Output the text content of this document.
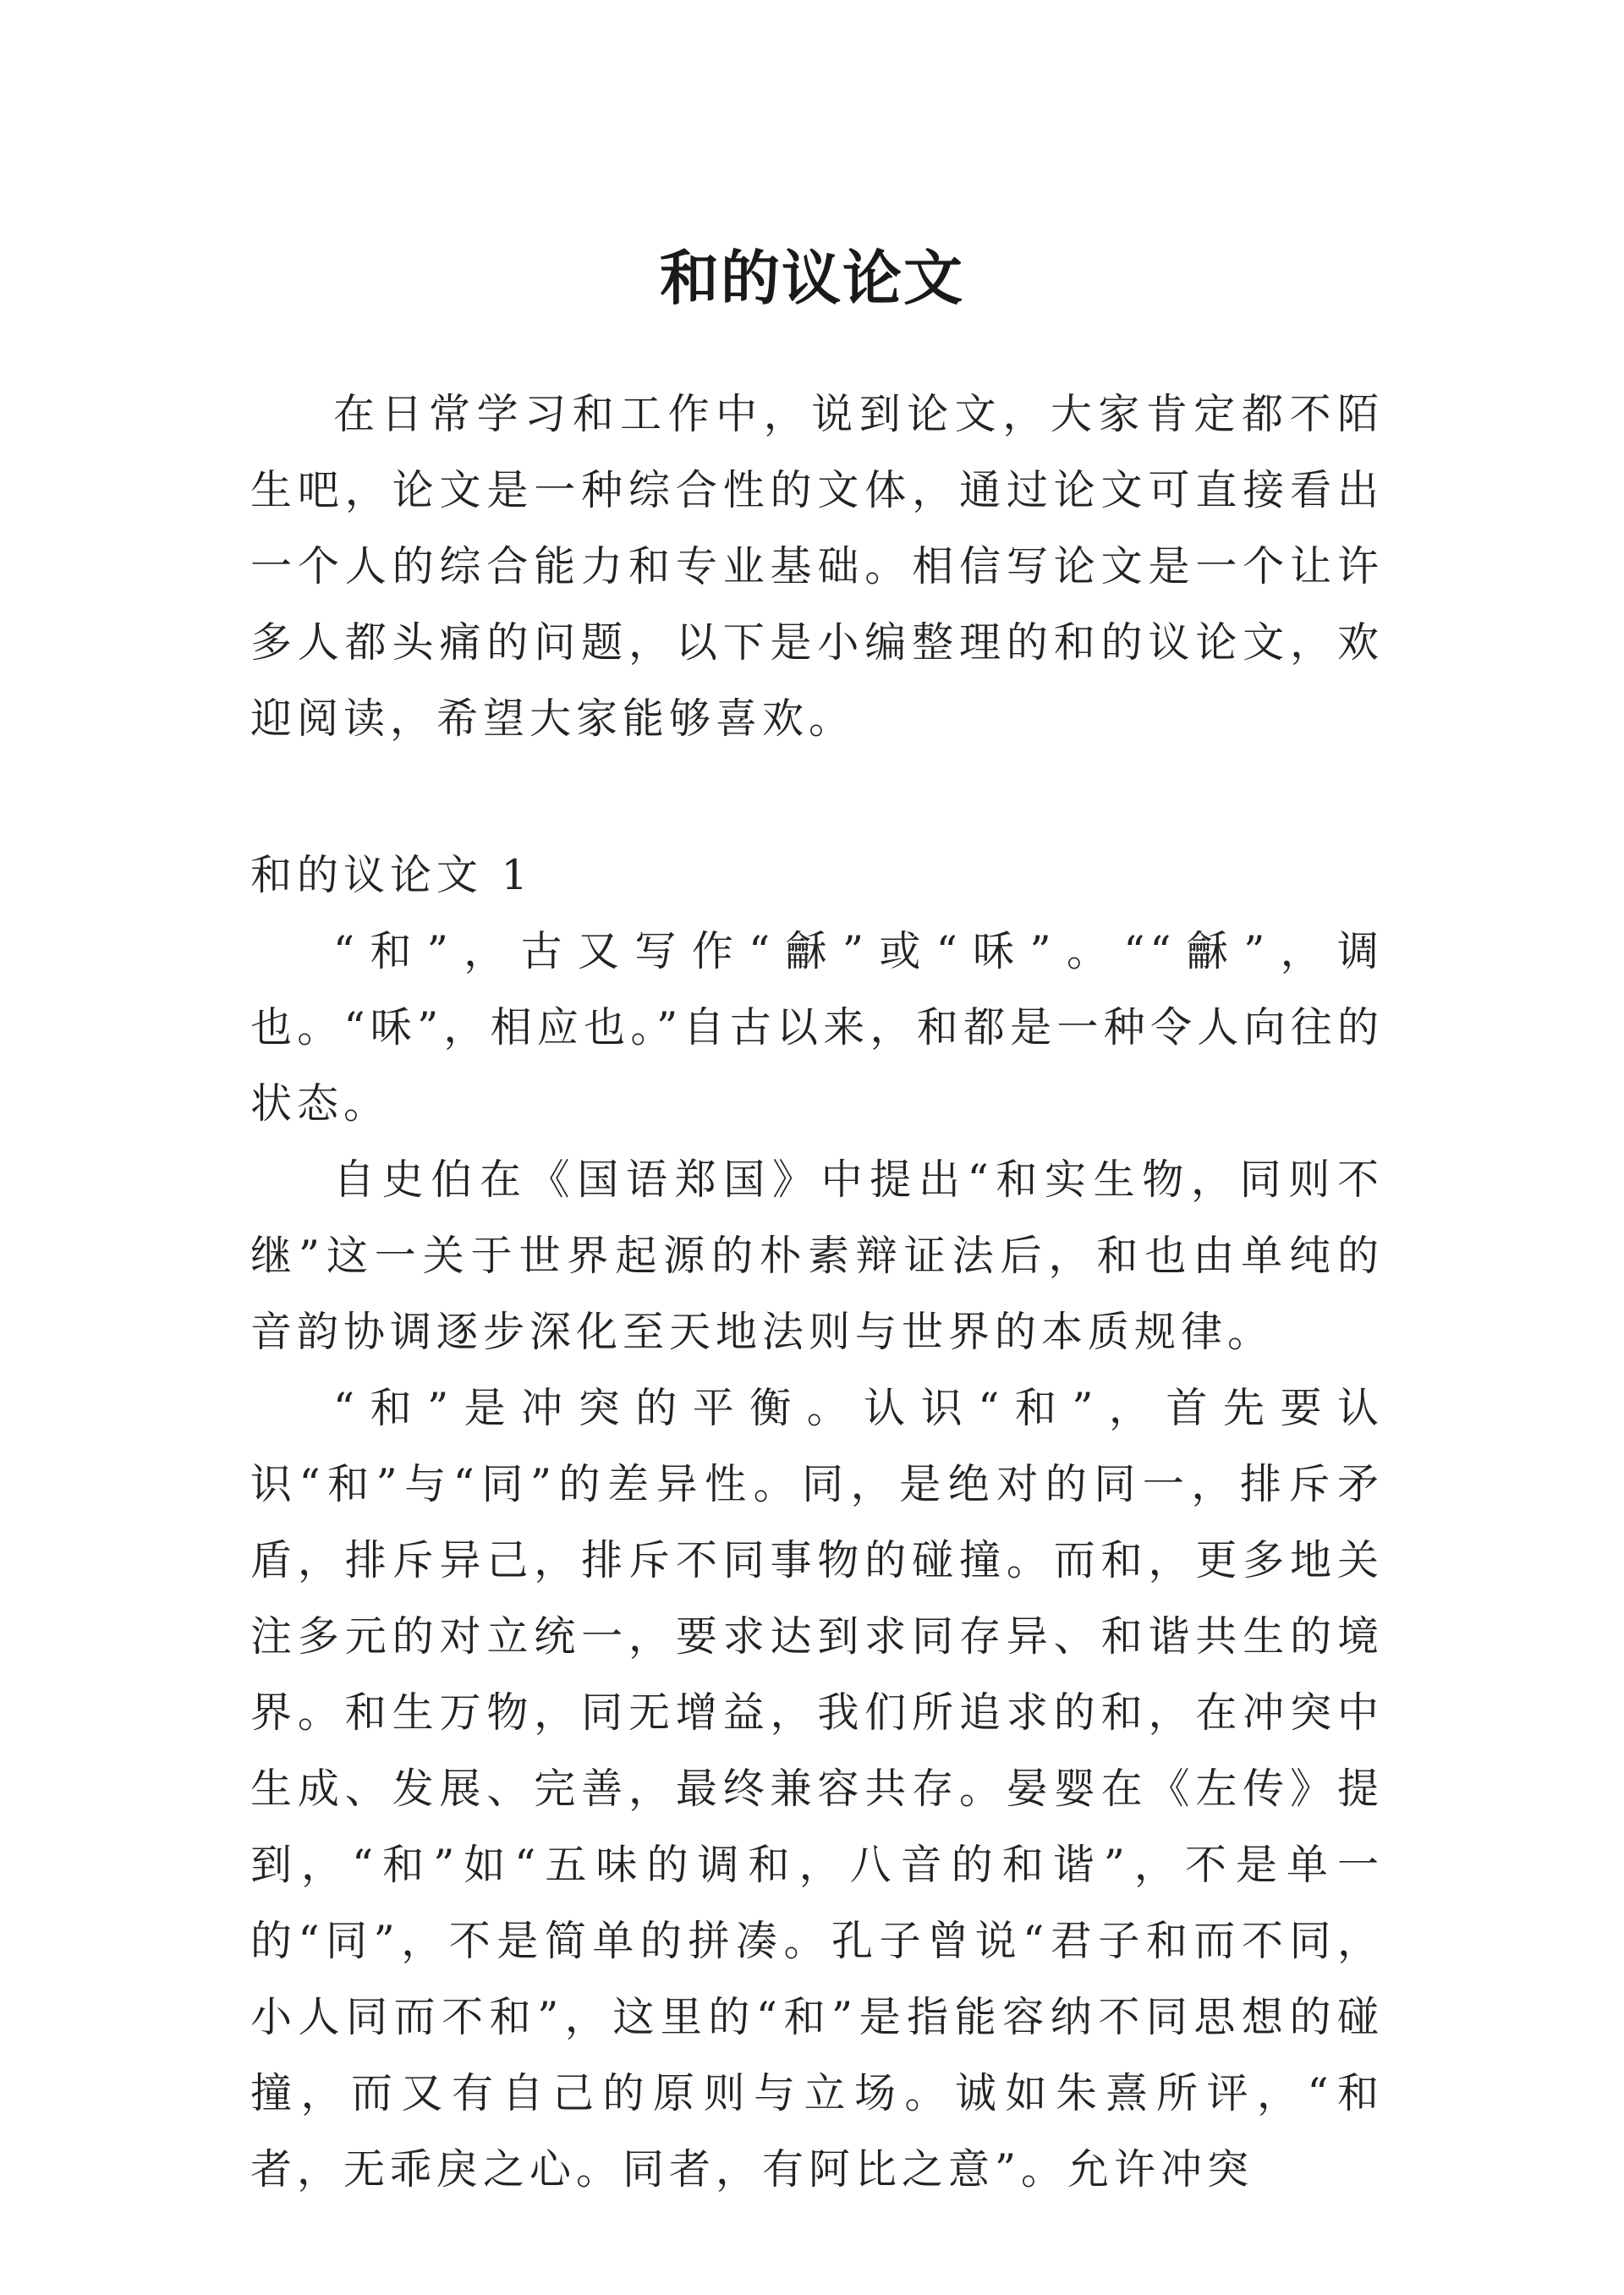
和的议论文

在日常学习和工作中，说到论文，大家肯定都不陌生吧，论文是一种综合性的文体，通过论文可直接看出一个人的综合能力和专业基础。相信写论文是一个让许多人都头痛的问题，以下是小编整理的和的议论文，欢迎阅读，希望大家能够喜欢。

和的议论文 1

“和”，古又写作“龢”或“咊”。““龢”，调也。“咊”，相应也。”自古以来，和都是一种令人向往的状态。

自史伯在《国语郑国》中提出“和实生物，同则不继”这一关于世界起源的朴素辩证法后，和也由单纯的音韵协调逐步深化至天地法则与世界的本质规律。

“和”是冲突的平衡。认识“和”，首先要认识“和”与“同”的差异性。同，是绝对的同一，排斥矛盾，排斥异己，排斥不同事物的碰撞。而和，更多地关注多元的对立统一，要求达到求同存异、和谐共生的境界。和生万物，同无增益，我们所追求的和，在冲突中生成、发展、完善，最终兼容共存。晏婴在《左传》提到，“和”如“五味的调和，八音的和谐”，不是单一的“同”，不是简单的拼凑。孔子曾说“君子和而不同，小人同而不和”，这里的“和”是指能容纳不同思想的碰撞，而又有自己的原则与立场。诚如朱熹所评，“和者，无乖戾之心。同者，有阿比之意”。允许冲突
